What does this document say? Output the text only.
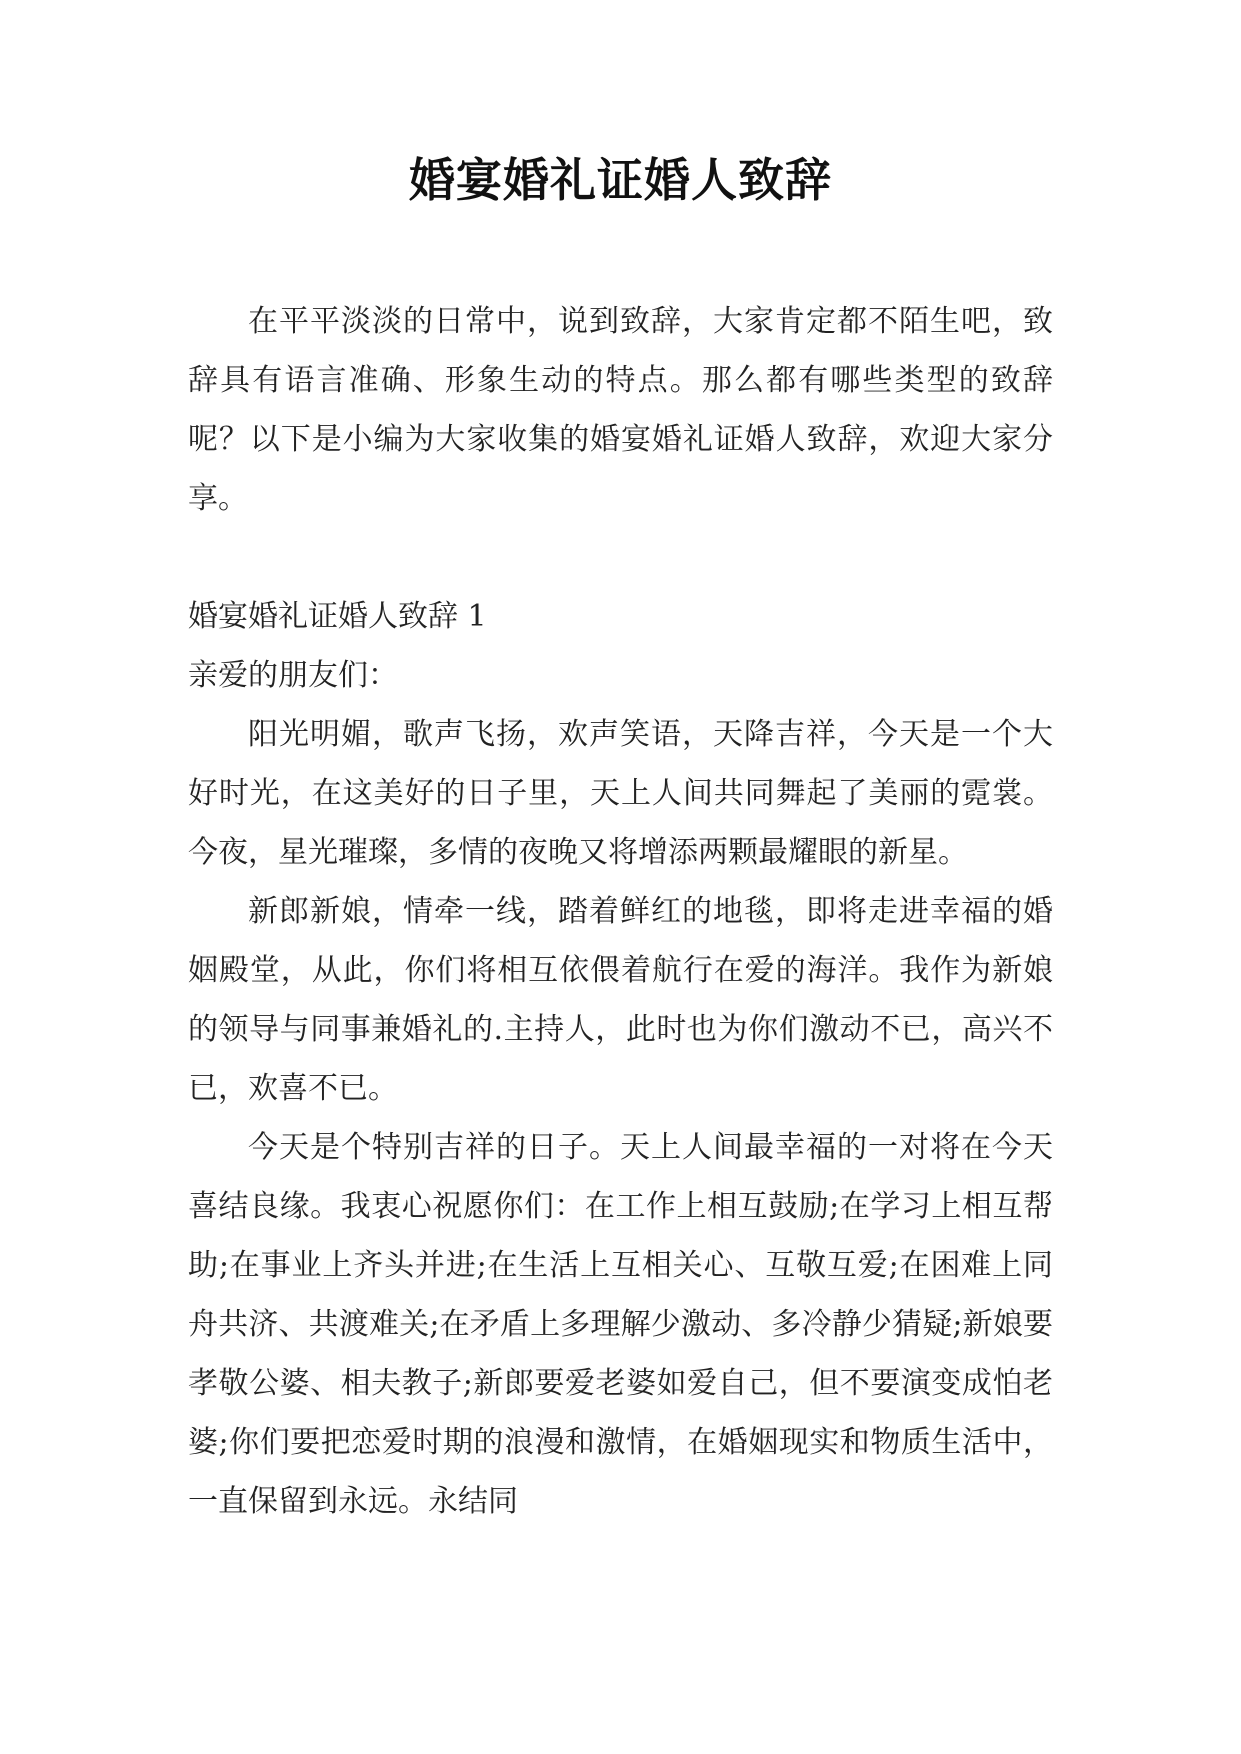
婚宴婚礼证婚人致辞

在平平淡淡的日常中，说到致辞，大家肯定都不陌生吧，致辞具有语言准确、形象生动的特点。那么都有哪些类型的致辞呢？以下是小编为大家收集的婚宴婚礼证婚人致辞，欢迎大家分享。

婚宴婚礼证婚人致辞 1

亲爱的朋友们：

阳光明媚，歌声飞扬，欢声笑语，天降吉祥，今天是一个大好时光，在这美好的日子里，天上人间共同舞起了美丽的霓裳。今夜，星光璀璨，多情的夜晚又将增添两颗最耀眼的新星。

新郎新娘，情牵一线，踏着鲜红的地毯，即将走进幸福的婚姻殿堂，从此，你们将相互依偎着航行在爱的海洋。我作为新娘的领导与同事兼婚礼的.主持人，此时也为你们激动不已，高兴不已，欢喜不已。

今天是个特别吉祥的日子。天上人间最幸福的一对将在今天喜结良缘。我衷心祝愿你们：在工作上相互鼓励;在学习上相互帮助;在事业上齐头并进;在生活上互相关心、互敬互爱;在困难上同舟共济、共渡难关;在矛盾上多理解少激动、多冷静少猜疑;新娘要孝敬公婆、相夫教子;新郎要爱老婆如爱自己，但不要演变成怕老婆;你们要把恋爱时期的浪漫和激情，在婚姻现实和物质生活中，一直保留到永远。永结同
